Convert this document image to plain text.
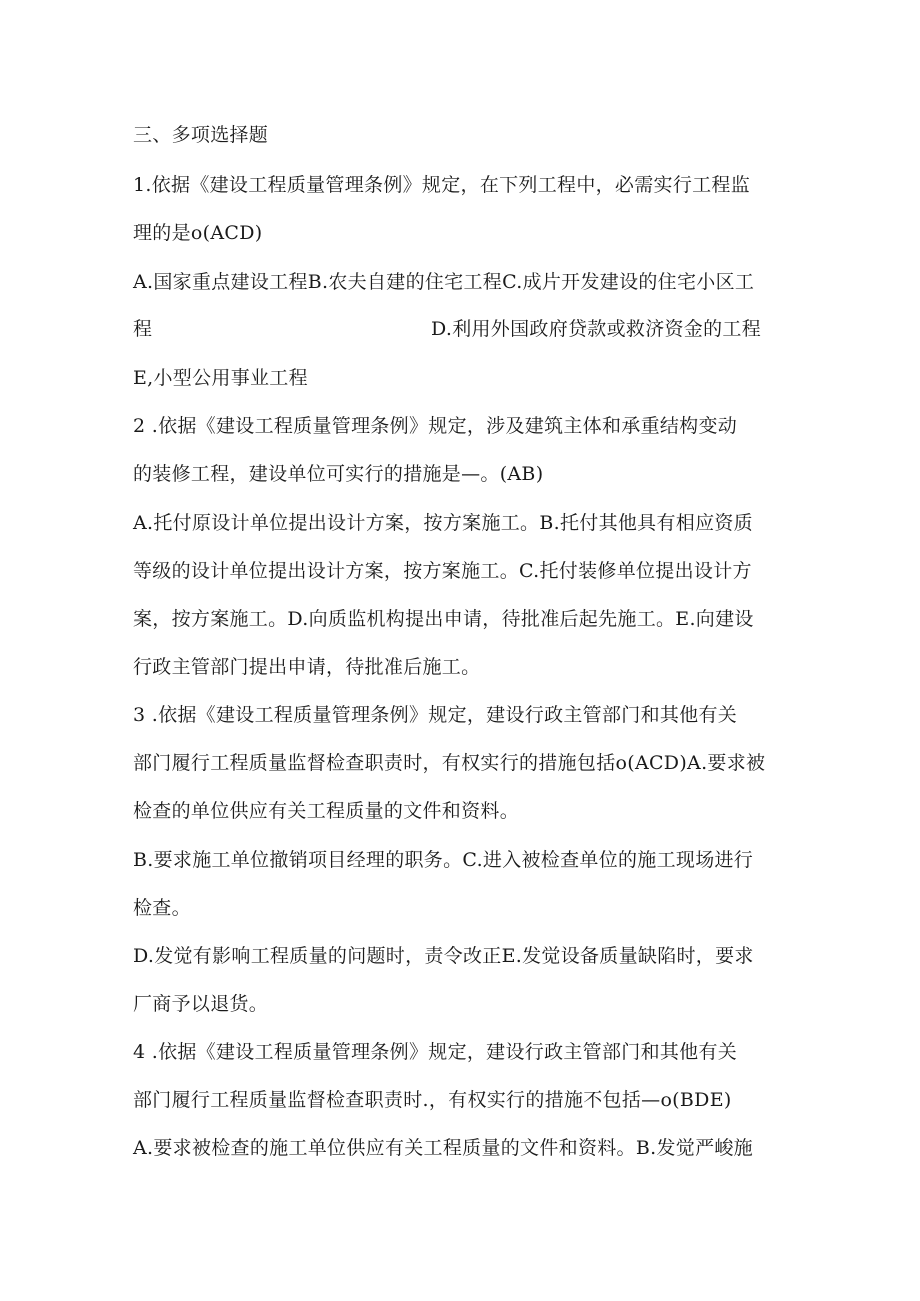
三、多项选择题
1.依据《建设工程质量管理条例》规定，在下列工程中，必需实行工程监
理的是o(ACD)
A.国家重点建设工程B.农夫自建的住宅工程C.成片开发建设的住宅小区工
程	D.利用外国政府贷款或救济资金的工程
E,小型公用事业工程
2 .依据《建设工程质量管理条例》规定，涉及建筑主体和承重结构变动
的装修工程，建设单位可实行的措施是—。(AB)
A.托付原设计单位提出设计方案，按方案施工。B.托付其他具有相应资质
等级的设计单位提出设计方案，按方案施工。C.托付装修单位提出设计方
案，按方案施工。D.向质监机构提出申请，待批准后起先施工。E.向建设
行政主管部门提出申请，待批准后施工。
3 .依据《建设工程质量管理条例》规定，建设行政主管部门和其他有关
部门履行工程质量监督检查职责时，有权实行的措施包括o(ACD)A.要求被
检查的单位供应有关工程质量的文件和资料。
B.要求施工单位撤销项目经理的职务。C.进入被检查单位的施工现场进行
检查。
D.发觉有影响工程质量的问题时，责令改正E.发觉设备质量缺陷时，要求
厂商予以退货。
4 .依据《建设工程质量管理条例》规定，建设行政主管部门和其他有关
部门履行工程质量监督检查职责时.，有权实行的措施不包括—o(BDE)
A.要求被检查的施工单位供应有关工程质量的文件和资料。B.发觉严峻施
